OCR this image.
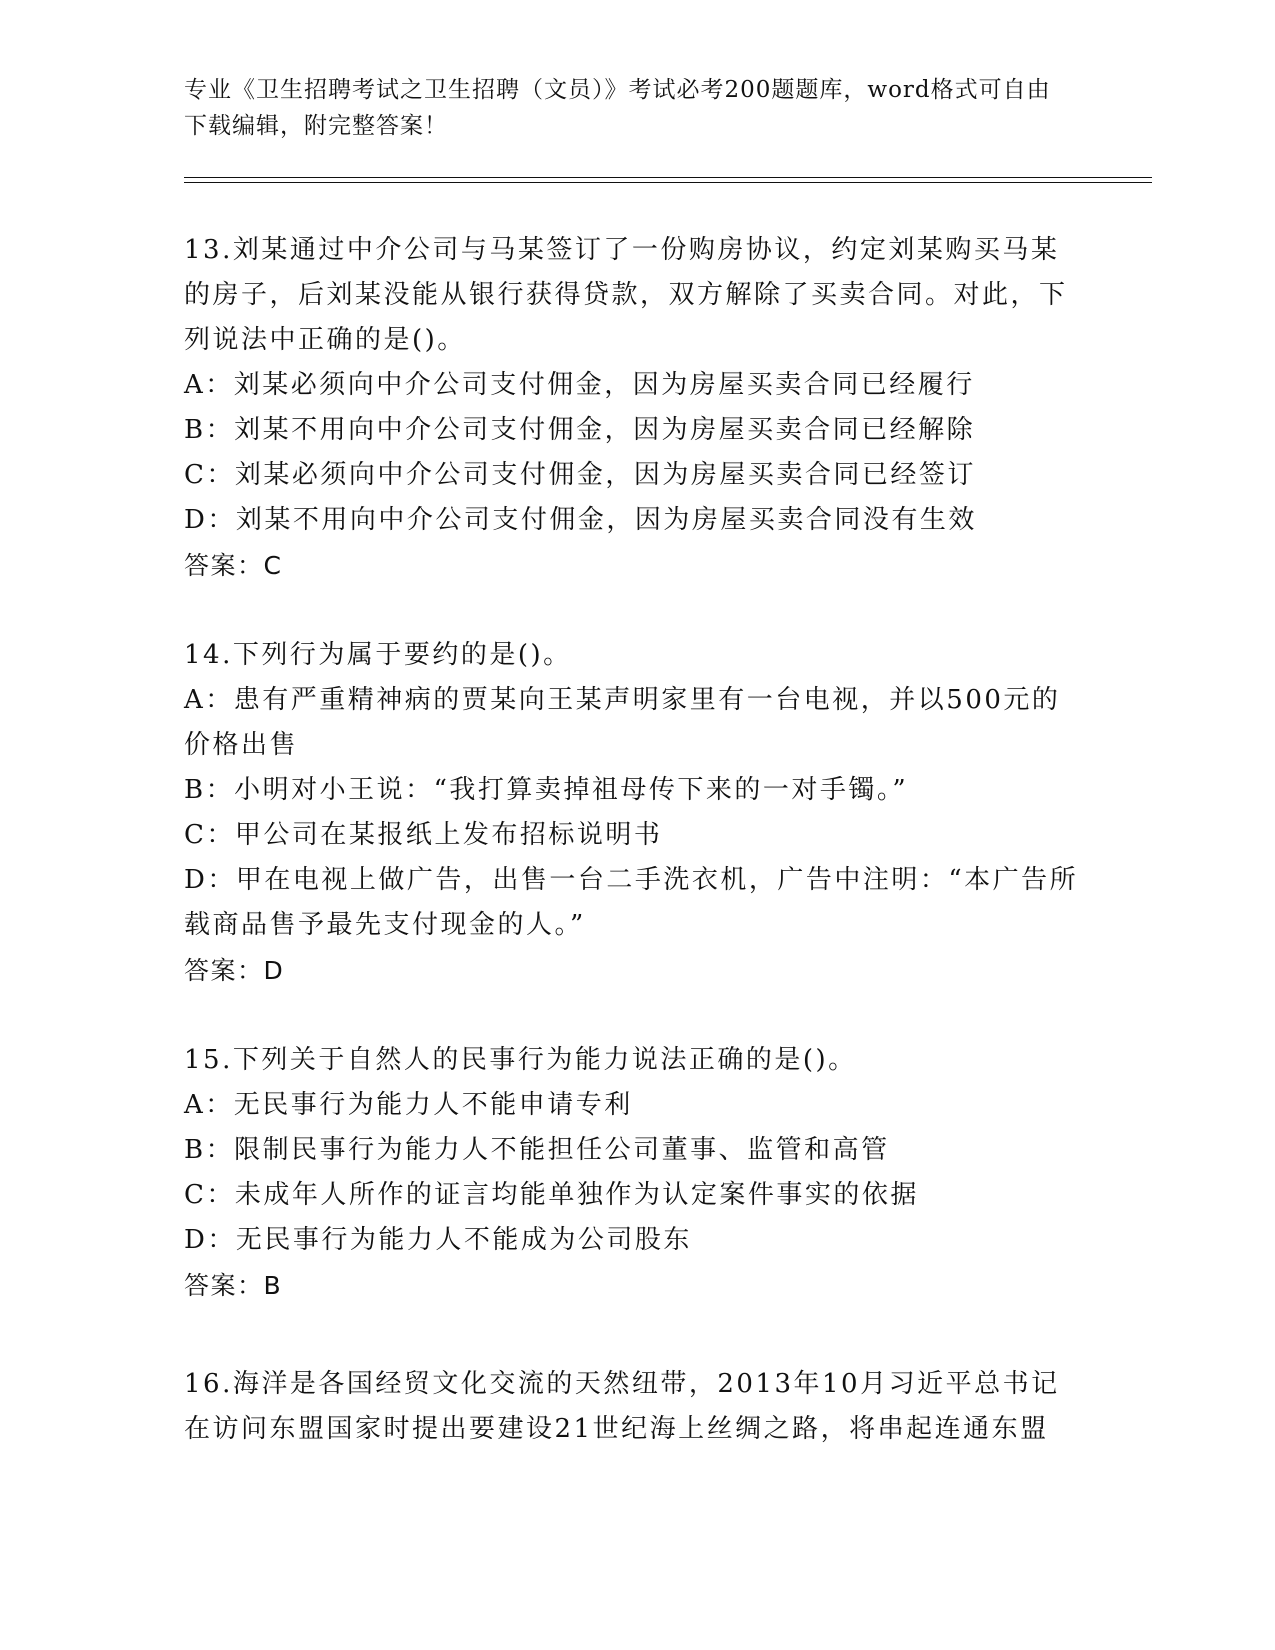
专业《卫生招聘考试之卫生招聘（文员）》考试必考200题题库，word格式可自由下载编辑，附完整答案！

13.刘某通过中介公司与马某签订了一份购房协议，约定刘某购买马某的房子，后刘某没能从银行获得贷款，双方解除了买卖合同。对此，下列说法中正确的是()。

A：刘某必须向中介公司支付佣金，因为房屋买卖合同已经履行

B：刘某不用向中介公司支付佣金，因为房屋买卖合同已经解除

C：刘某必须向中介公司支付佣金，因为房屋买卖合同已经签订

D：刘某不用向中介公司支付佣金，因为房屋买卖合同没有生效

答案：C

14.下列行为属于要约的是()。

A：患有严重精神病的贾某向王某声明家里有一台电视，并以500元的价格出售

B：小明对小王说：“我打算卖掉祖母传下来的一对手镯。”

C：甲公司在某报纸上发布招标说明书

D：甲在电视上做广告，出售一台二手洗衣机，广告中注明：“本广告所载商品售予最先支付现金的人。”

答案：D

15.下列关于自然人的民事行为能力说法正确的是()。

A：无民事行为能力人不能申请专利

B：限制民事行为能力人不能担任公司董事、监管和高管

C：未成年人所作的证言均能单独作为认定案件事实的依据

D：无民事行为能力人不能成为公司股东

答案：B

16.海洋是各国经贸文化交流的天然纽带，2013年10月习近平总书记在访问东盟国家时提出要建设21世纪海上丝绸之路，将串起连通东盟
